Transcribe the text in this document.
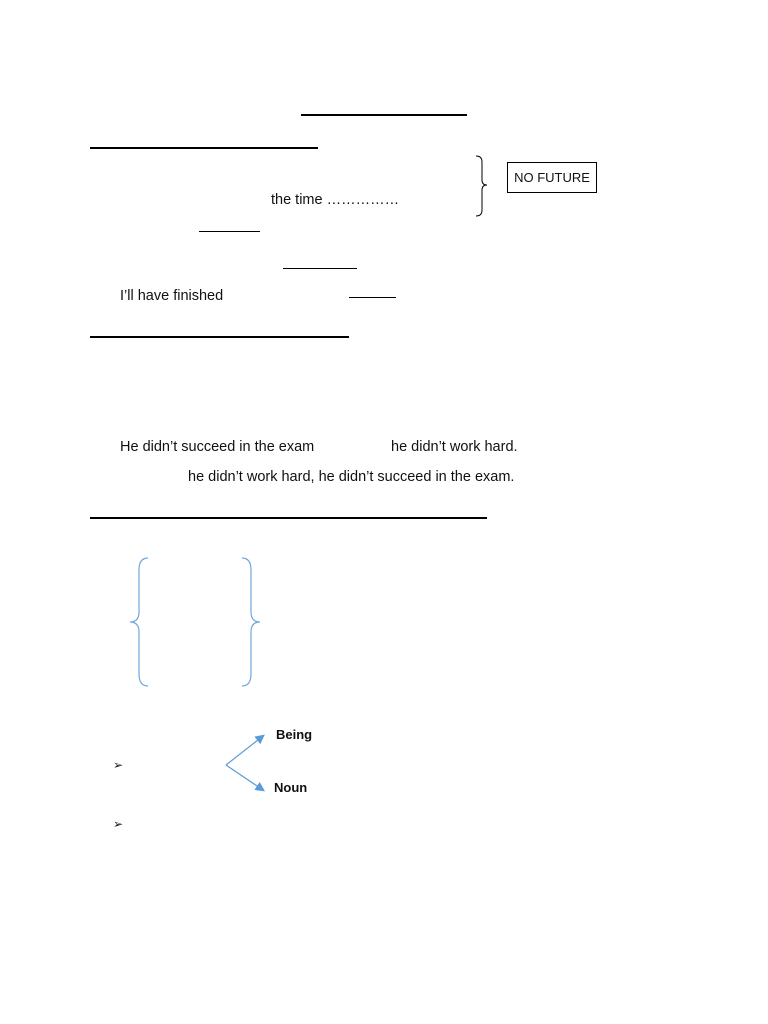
the time ……………
NO FUTURE
I’ll have finished
He didn’t succeed in the exam	he didn’t work hard.
he didn’t work hard, he didn’t succeed in the exam.
➢
➢
Being
Noun
